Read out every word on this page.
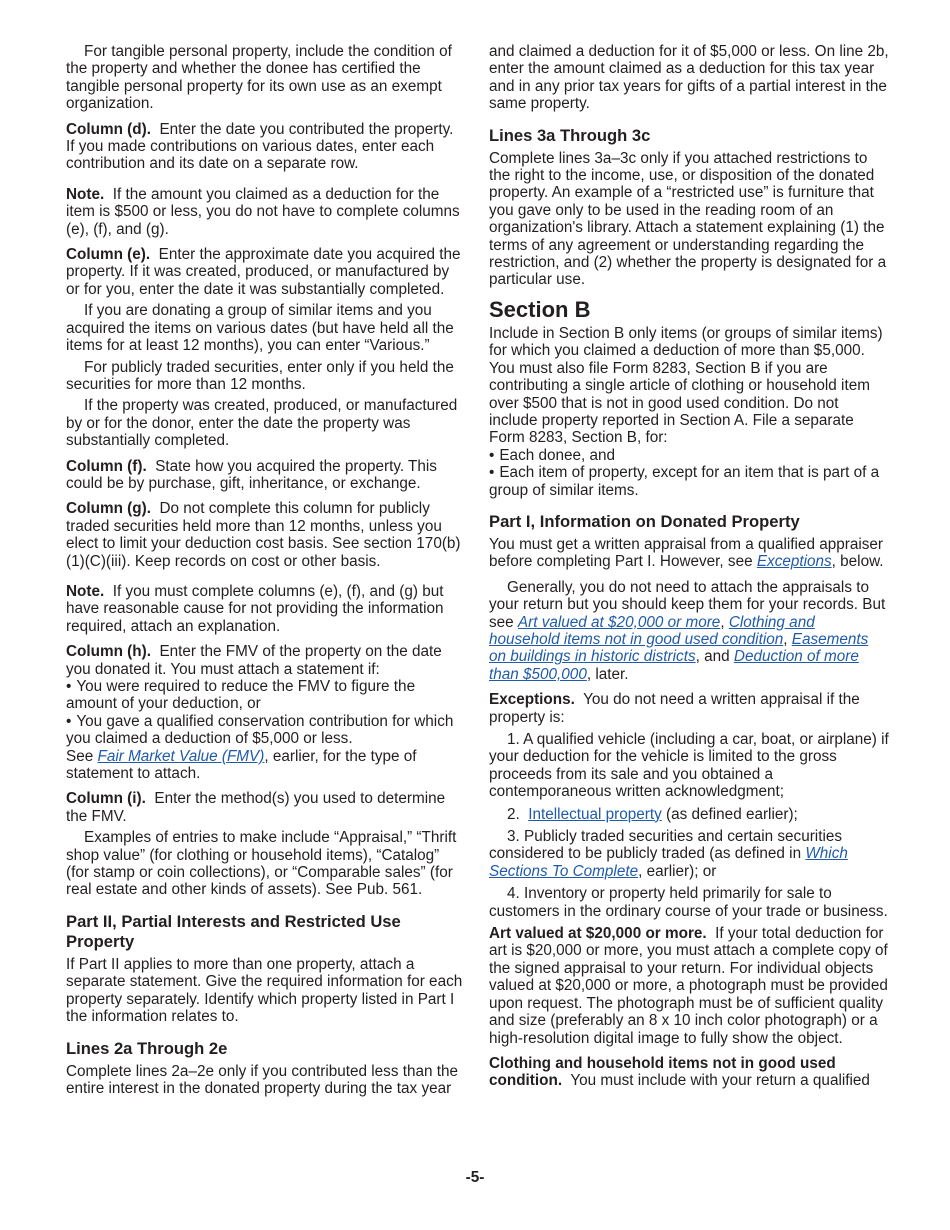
For tangible personal property, include the condition of the property and whether the donee has certified the tangible personal property for its own use as an exempt organization.

Column (d). Enter the date you contributed the property. If you made contributions on various dates, enter each contribution and its date on a separate row.

Note. If the amount you claimed as a deduction for the item is $500 or less, you do not have to complete columns (e), (f), and (g).

Column (e). Enter the approximate date you acquired the property. If it was created, produced, or manufactured by or for you, enter the date it was substantially completed.

If you are donating a group of similar items and you acquired the items on various dates (but have held all the items for at least 12 months), you can enter “Various.”

For publicly traded securities, enter only if you held the securities for more than 12 months.

If the property was created, produced, or manufactured by or for the donor, enter the date the property was substantially completed.

Column (f). State how you acquired the property. This could be by purchase, gift, inheritance, or exchange.

Column (g). Do not complete this column for publicly traded securities held more than 12 months, unless you elect to limit your deduction cost basis. See section 170(b)(1)(C)(iii). Keep records on cost or other basis.

Note. If you must complete columns (e), (f), and (g) but have reasonable cause for not providing the information required, attach an explanation.

Column (h). Enter the FMV of the property on the date you donated it. You must attach a statement if:

• You were required to reduce the FMV to figure the amount of your deduction, or
• You gave a qualified conservation contribution for which you claimed a deduction of $5,000 or less.

See Fair Market Value (FMV), earlier, for the type of statement to attach.

Column (i). Enter the method(s) you used to determine the FMV.

Examples of entries to make include “Appraisal,” “Thrift shop value” (for clothing or household items), “Catalog” (for stamp or coin collections), or “Comparable sales” (for real estate and other kinds of assets). See Pub. 561.

Part II, Partial Interests and Restricted Use Property

If Part II applies to more than one property, attach a separate statement. Give the required information for each property separately. Identify which property listed in Part I the information relates to.

Lines 2a Through 2e

Complete lines 2a–2e only if you contributed less than the entire interest in the donated property during the tax year

and claimed a deduction for it of $5,000 or less. On line 2b, enter the amount claimed as a deduction for this tax year and in any prior tax years for gifts of a partial interest in the same property.

Lines 3a Through 3c

Complete lines 3a–3c only if you attached restrictions to the right to the income, use, or disposition of the donated property. An example of a “restricted use” is furniture that you gave only to be used in the reading room of an organization's library. Attach a statement explaining (1) the terms of any agreement or understanding regarding the restriction, and (2) whether the property is designated for a particular use.

Section B

Include in Section B only items (or groups of similar items) for which you claimed a deduction of more than $5,000. You must also file Form 8283, Section B if you are contributing a single article of clothing or household item over $500 that is not in good used condition. Do not include property reported in Section A. File a separate Form 8283, Section B, for:

• Each donee, and
• Each item of property, except for an item that is part of a group of similar items.
Part I, Information on Donated Property

You must get a written appraisal from a qualified appraiser before completing Part I. However, see Exceptions, below.

Generally, you do not need to attach the appraisals to your return but you should keep them for your records. But see Art valued at $20,000 or more, Clothing and household items not in good used condition, Easements on buildings in historic districts, and Deduction of more than $500,000, later.

Exceptions. You do not need a written appraisal if the property is:

1. A qualified vehicle (including a car, boat, or airplane) if your deduction for the vehicle is limited to the gross proceeds from its sale and you obtained a contemporaneous written acknowledgment;

2. Intellectual property (as defined earlier);

3. Publicly traded securities and certain securities considered to be publicly traded (as defined in Which Sections To Complete, earlier); or

4. Inventory or property held primarily for sale to customers in the ordinary course of your trade or business.

Art valued at $20,000 or more. If your total deduction for art is $20,000 or more, you must attach a complete copy of the signed appraisal to your return. For individual objects valued at $20,000 or more, a photograph must be provided upon request. The photograph must be of sufficient quality and size (preferably an 8 x 10 inch color photograph) or a high-resolution digital image to fully show the object.

Clothing and household items not in good used condition. You must include with your return a qualified

-5-
